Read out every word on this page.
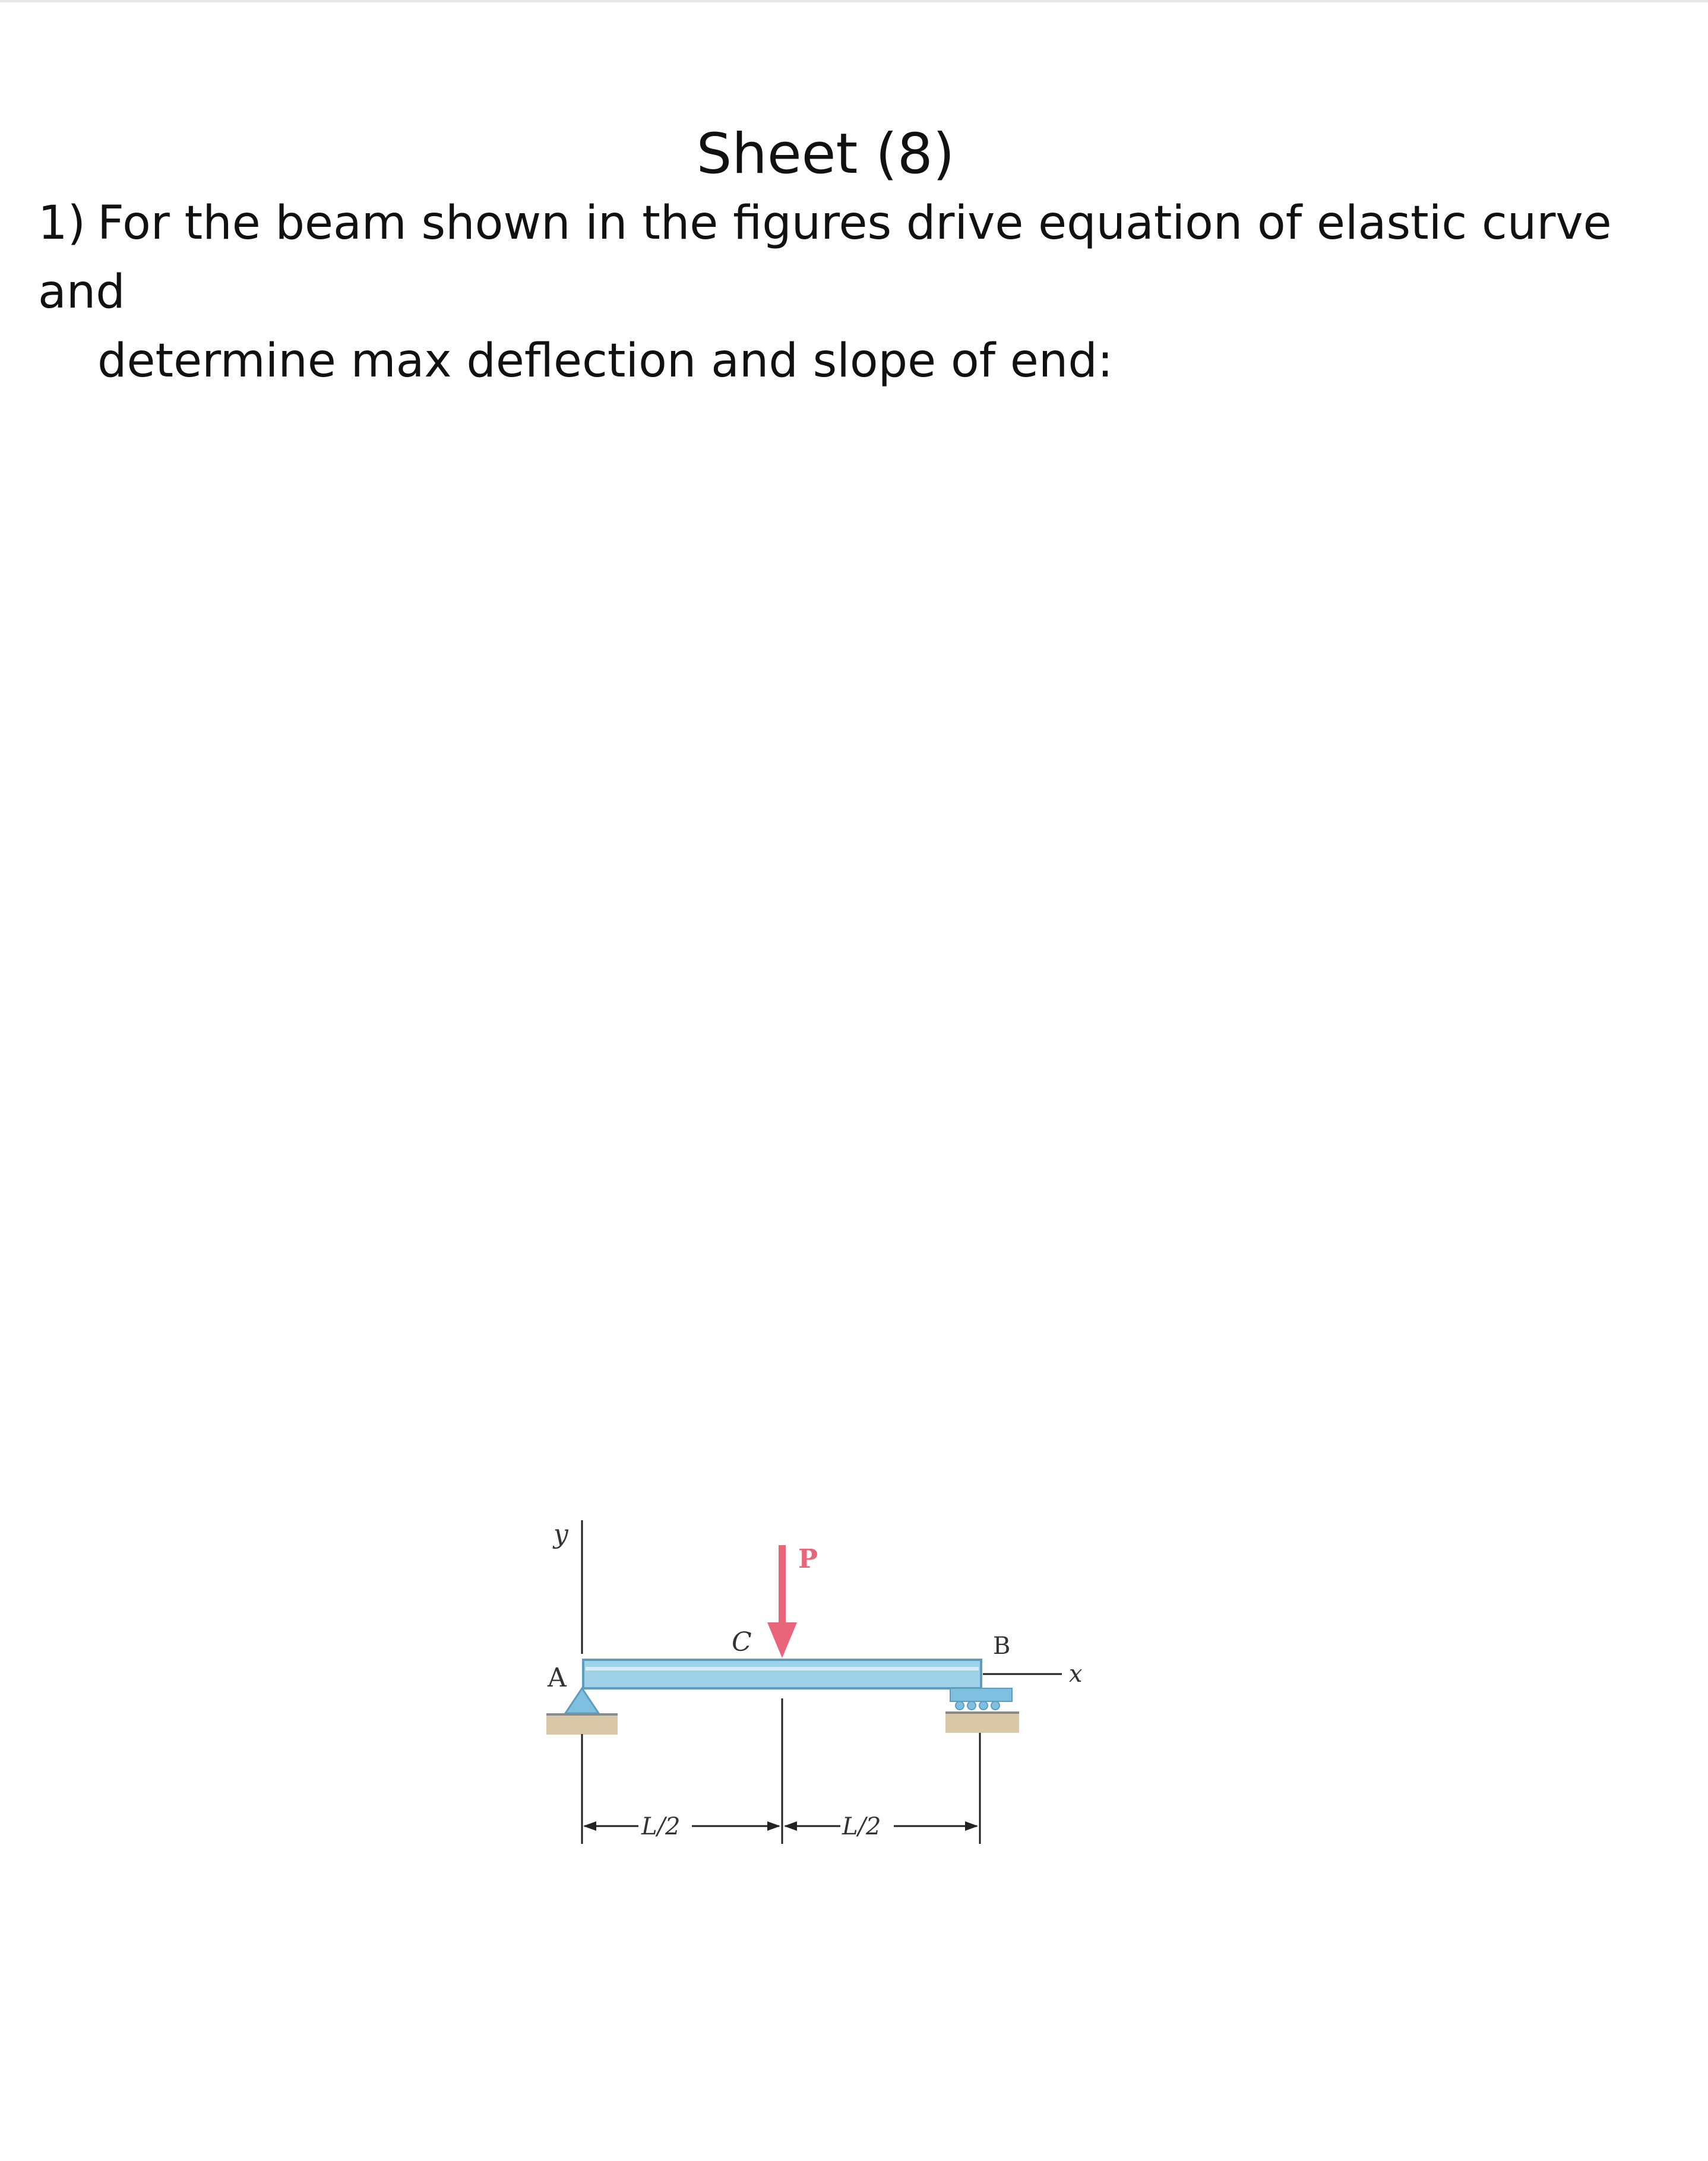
Sheet (8)
1) For the beam shown in the figures drive equation of elastic curve and
determine max deflection and slope of end:
y
A
B
x
P
C
L/2	L/2
